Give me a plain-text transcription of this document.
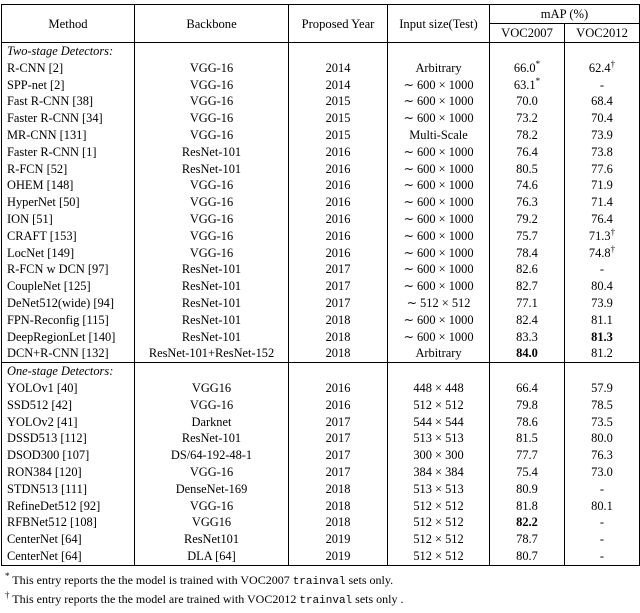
Method	Backbone	Proposed Year	Input size(Test)	mAP (%)	
				VOC2007	VOC2012
Two-stage Detectors:					
R-CNN [2]	VGG-16	2014	Arbitrary	66.0*	62.4†
SPP-net [2]	VGG-16	2014	∼ 600 × 1000	63.1*	-
Fast R-CNN [38]	VGG-16	2015	∼ 600 × 1000	70.0	68.4
Faster R-CNN [34]	VGG-16	2015	∼ 600 × 1000	73.2	70.4
MR-CNN [131]	VGG-16	2015	Multi-Scale	78.2	73.9
Faster R-CNN [1]	ResNet-101	2016	∼ 600 × 1000	76.4	73.8
R-FCN [52]	ResNet-101	2016	∼ 600 × 1000	80.5	77.6
OHEM [148]	VGG-16	2016	∼ 600 × 1000	74.6	71.9
HyperNet [50]	VGG-16	2016	∼ 600 × 1000	76.3	71.4
ION [51]	VGG-16	2016	∼ 600 × 1000	79.2	76.4
CRAFT [153]	VGG-16	2016	∼ 600 × 1000	75.7	71.3†
LocNet [149]	VGG-16	2016	∼ 600 × 1000	78.4	74.8†
R-FCN w DCN [97]	ResNet-101	2017	∼ 600 × 1000	82.6	-
CoupleNet [125]	ResNet-101	2017	∼ 600 × 1000	82.7	80.4
DeNet512(wide) [94]	ResNet-101	2017	∼ 512 × 512	77.1	73.9
FPN-Reconfig [115]	ResNet-101	2018	∼ 600 × 1000	82.4	81.1
DeepRegionLet [140]	ResNet-101	2018	∼ 600 × 1000	83.3	81.3
DCN+R-CNN [132]	ResNet-101+ResNet-152	2018	Arbitrary	84.0	81.2
One-stage Detectors:					
YOLOv1 [40]	VGG16	2016	448 × 448	66.4	57.9
SSD512 [42]	VGG-16	2016	512 × 512	79.8	78.5
YOLOv2 [41]	Darknet	2017	544 × 544	78.6	73.5
DSSD513 [112]	ResNet-101	2017	513 × 513	81.5	80.0
DSOD300 [107]	DS/64-192-48-1	2017	300 × 300	77.7	76.3
RON384 [120]	VGG-16	2017	384 × 384	75.4	73.0
STDN513 [111]	DenseNet-169	2018	513 × 513	80.9	-
RefineDet512 [92]	VGG-16	2018	512 × 512	81.8	80.1
RFBNet512 [108]	VGG16	2018	512 × 512	82.2	-
CenterNet [64]	ResNet101	2019	512 × 512	78.7	-
CenterNet [64]	DLA [64]	2019	512 × 512	80.7	-
* This entry reports the the model is trained with VOC2007 trainval sets only.
† This entry reports the the model are trained with VOC2012 trainval sets only .
